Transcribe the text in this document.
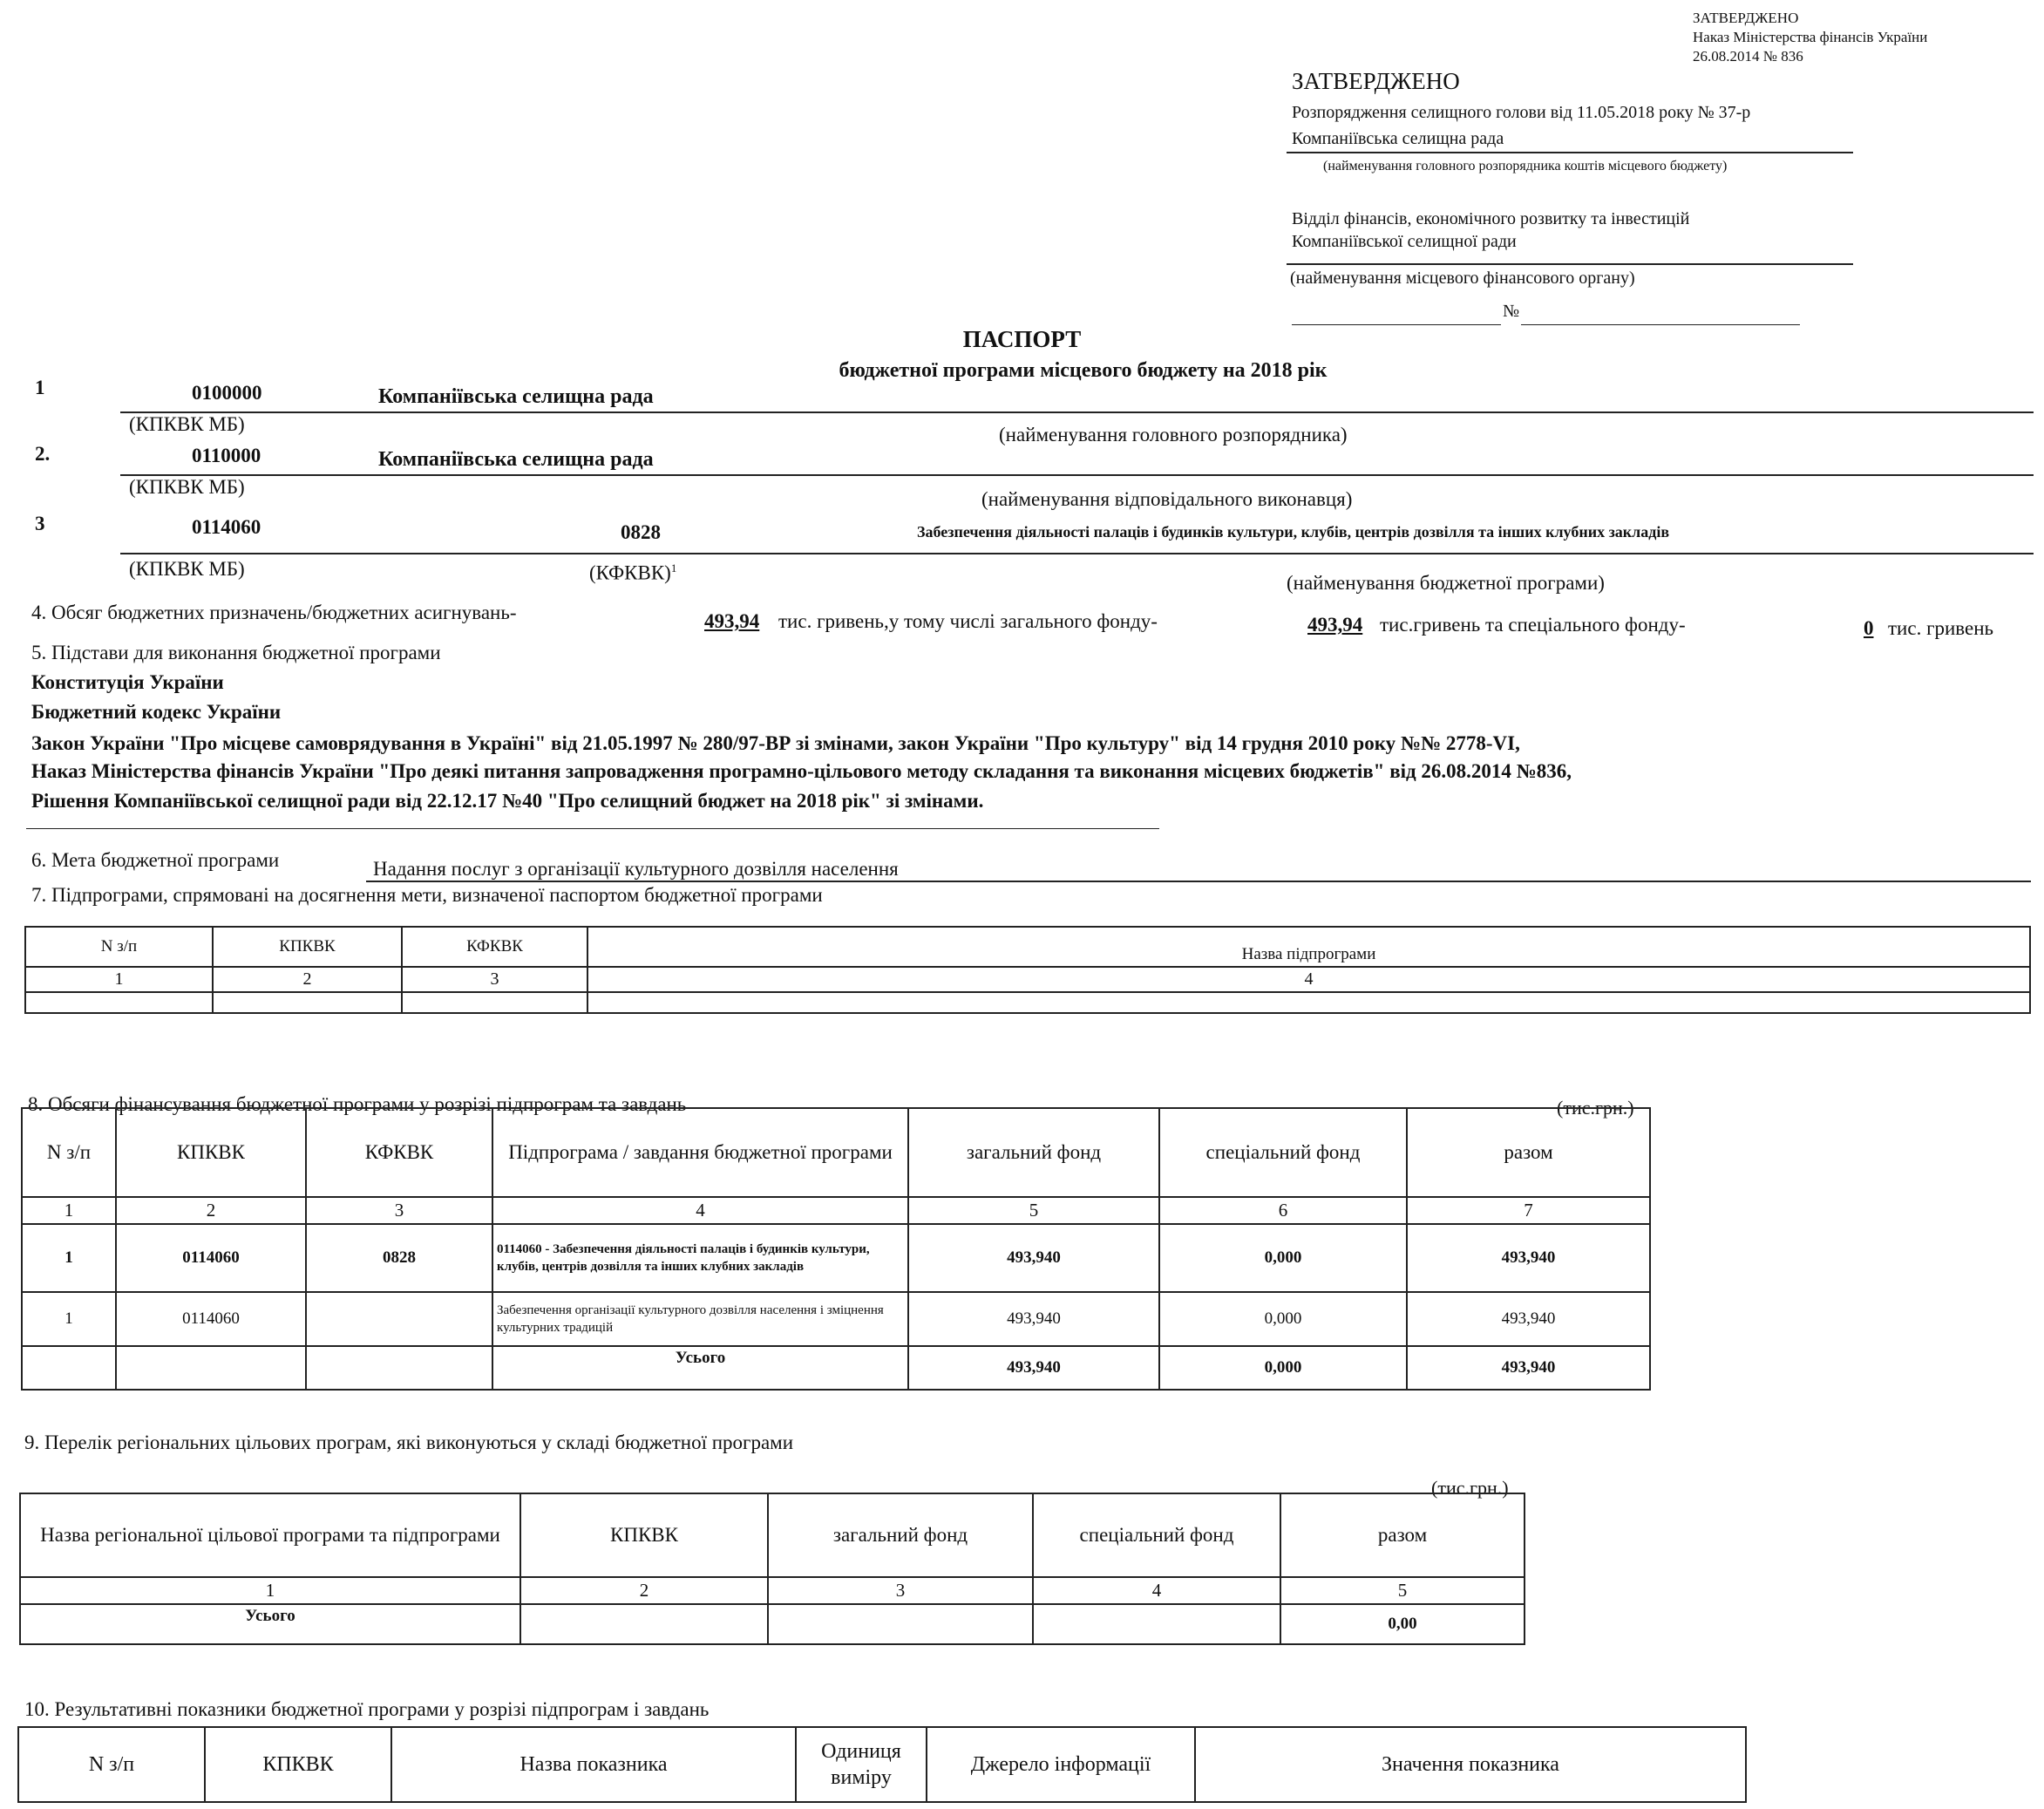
ЗАТВЕРДЖЕНО
Наказ Міністерства фінансів України
26.08.2014 № 836
ЗАТВЕРДЖЕНО
Розпорядження селищного голови від 11.05.2018 року № 37-р
Компаніївська селищна рада
(найменування головного розпорядника коштів місцевого бюджету)
Відділ фінансів, економічного розвитку та інвестицій
Компаніївської селищної ради
(найменування місцевого фінансового органу)
№
ПАСПОРТ
бюджетної програми місцевого бюджету на 2018 рік
1	0100000	Компаніївська селищна рада
(КПКВК МБ)	(найменування головного розпорядника)
2.	0110000	Компаніївська селищна рада
(КПКВК МБ)
(найменування відповідального виконавця)
3	0114060	0828	Забезпечення діяльності палаців і будинків культури, клубів, центрів дозвілля та інших клубних закладів
(КПКВК МБ)	(КФКВК)$^1$
(найменування бюджетної програми)
4. Обсяг бюджетних призначень/бюджетних асигнувань-	493,94 тис. гривень,у тому числі загального фонду-	493,94 тис.гривень та спеціального фонду-	0 тис. гривень
5. Підстави для виконання бюджетної програми
Конституція України
Бюджетний кодекс України
Закон України "Про місцеве самоврядування в Україні" від 21.05.1997 № 280/97-ВР зі змінами, закон України "Про культуру" від 14 грудня 2010 року №№ 2778-VI,
Наказ Міністерства фінансів України "Про деякі питання запровадження програмно-цільового методу складання та виконання місцевих бюджетів" від 26.08.2014 №836,
Рішення Компаніївської селищної ради від 22.12.17 №40 "Про селищний бюджет на 2018 рік" зі змінами.
6. Мета бюджетної програми	Надання послуг з організації культурного дозвілля населення
7. Підпрограми, спрямовані на досягнення мети, визначеної паспортом бюджетної програми
N з/п	КПКВК	КФКВК	Назва підпрограми
1	2	3	4

8. Обсяги фінансування бюджетної програми у розрізі підпрограм та завдань	(тис.грн.)
N з/п	КПКВК	КФКВК	Підпрограма / завдання бюджетної програми	загальний фонд	спеціальний фонд	разом
1	2	3	4	5	6	7
1	0114060	0828	0114060 - Забезпечення діяльності палаців і будинків культури, клубів, центрів дозвілля та інших клубних закладів	493,940	0,000	493,940
1	0114060		Забезпечення організації культурного дозвілля населення і зміцнення культурних традицій	493,940	0,000	493,940
			Усього	493,940	0,000	493,940
9. Перелік регіональних цільових програм, які виконуються у складі бюджетної програми
(тис.грн.)
Назва регіональної цільової програми та підпрограми	КПКВК	загальний фонд	спеціальний фонд	разом
1	2	3	4	5
Усього				0,00
10. Результативні показники бюджетної програми у розрізі підпрограм і завдань
N з/п	КПКВК	Назва показника	Одиниця виміру	Джерело інформації	Значення показника
